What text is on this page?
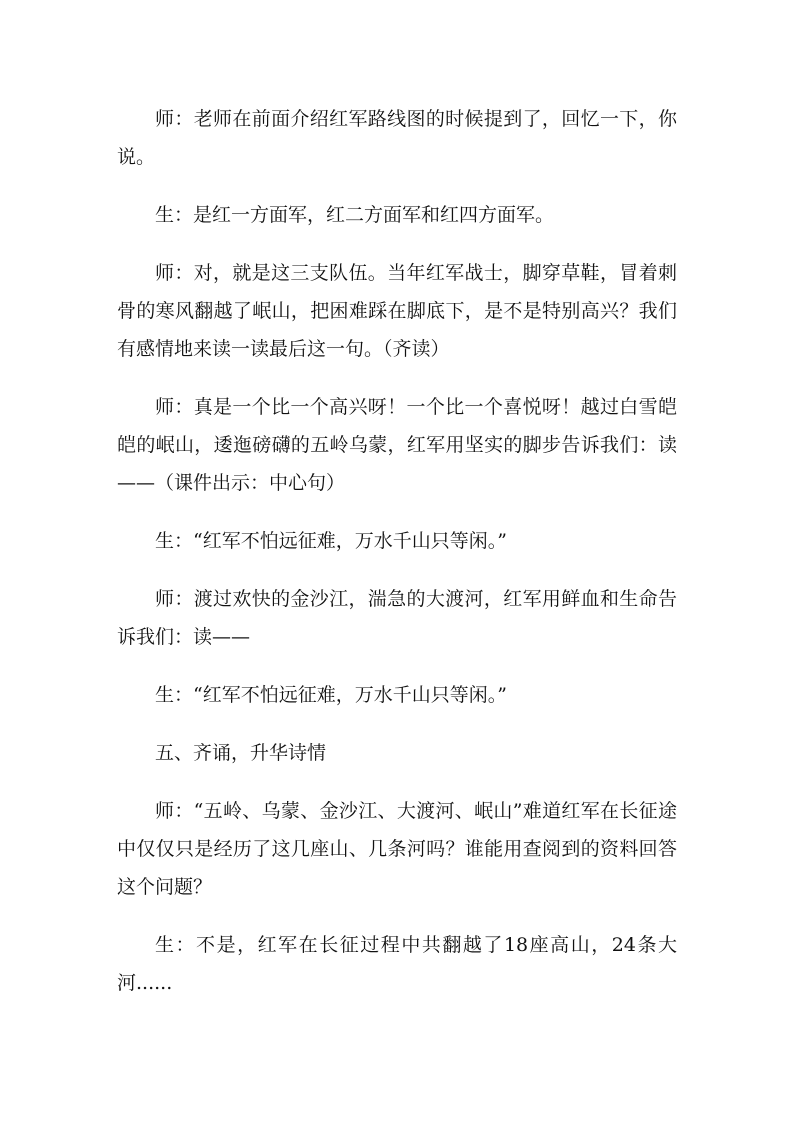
师：老师在前面介绍红军路线图的时候提到了，回忆一下，你说。

生：是红一方面军，红二方面军和红四方面军。

师：对，就是这三支队伍。当年红军战士，脚穿草鞋，冒着刺骨的寒风翻越了岷山，把困难踩在脚底下，是不是特别高兴？我们有感情地来读一读最后这一句。（齐读）

师：真是一个比一个高兴呀！一个比一个喜悦呀！越过白雪皑皑的岷山，逶迤磅礴的五岭乌蒙，红军用坚实的脚步告诉我们：读——（课件出示：中心句）

生：“红军不怕远征难，万水千山只等闲。”

师：渡过欢快的金沙江，湍急的大渡河，红军用鲜血和生命告诉我们：读——

生：“红军不怕远征难，万水千山只等闲。”

五、齐诵，升华诗情

师：“五岭、乌蒙、金沙江、大渡河、岷山”难道红军在长征途中仅仅只是经历了这几座山、几条河吗？谁能用查阅到的资料回答这个问题？

生：不是，红军在长征过程中共翻越了18座高山，24条大河......
